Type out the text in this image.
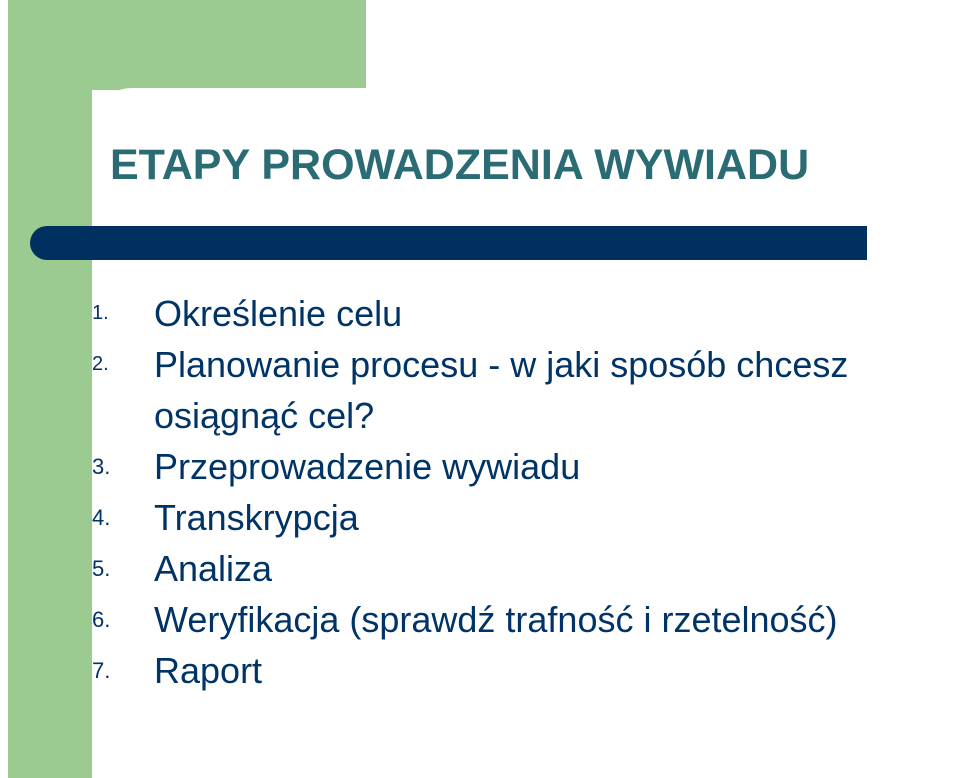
ETAPY PROWADZENIA WYWIADU
1. Określenie celu
2. Planowanie procesu - w jaki sposób chcesz osiągnąć cel?
3. Przeprowadzenie wywiadu
4. Transkrypcja
5. Analiza
6. Weryfikacja (sprawdź trafność i rzetelność)
7. Raport
